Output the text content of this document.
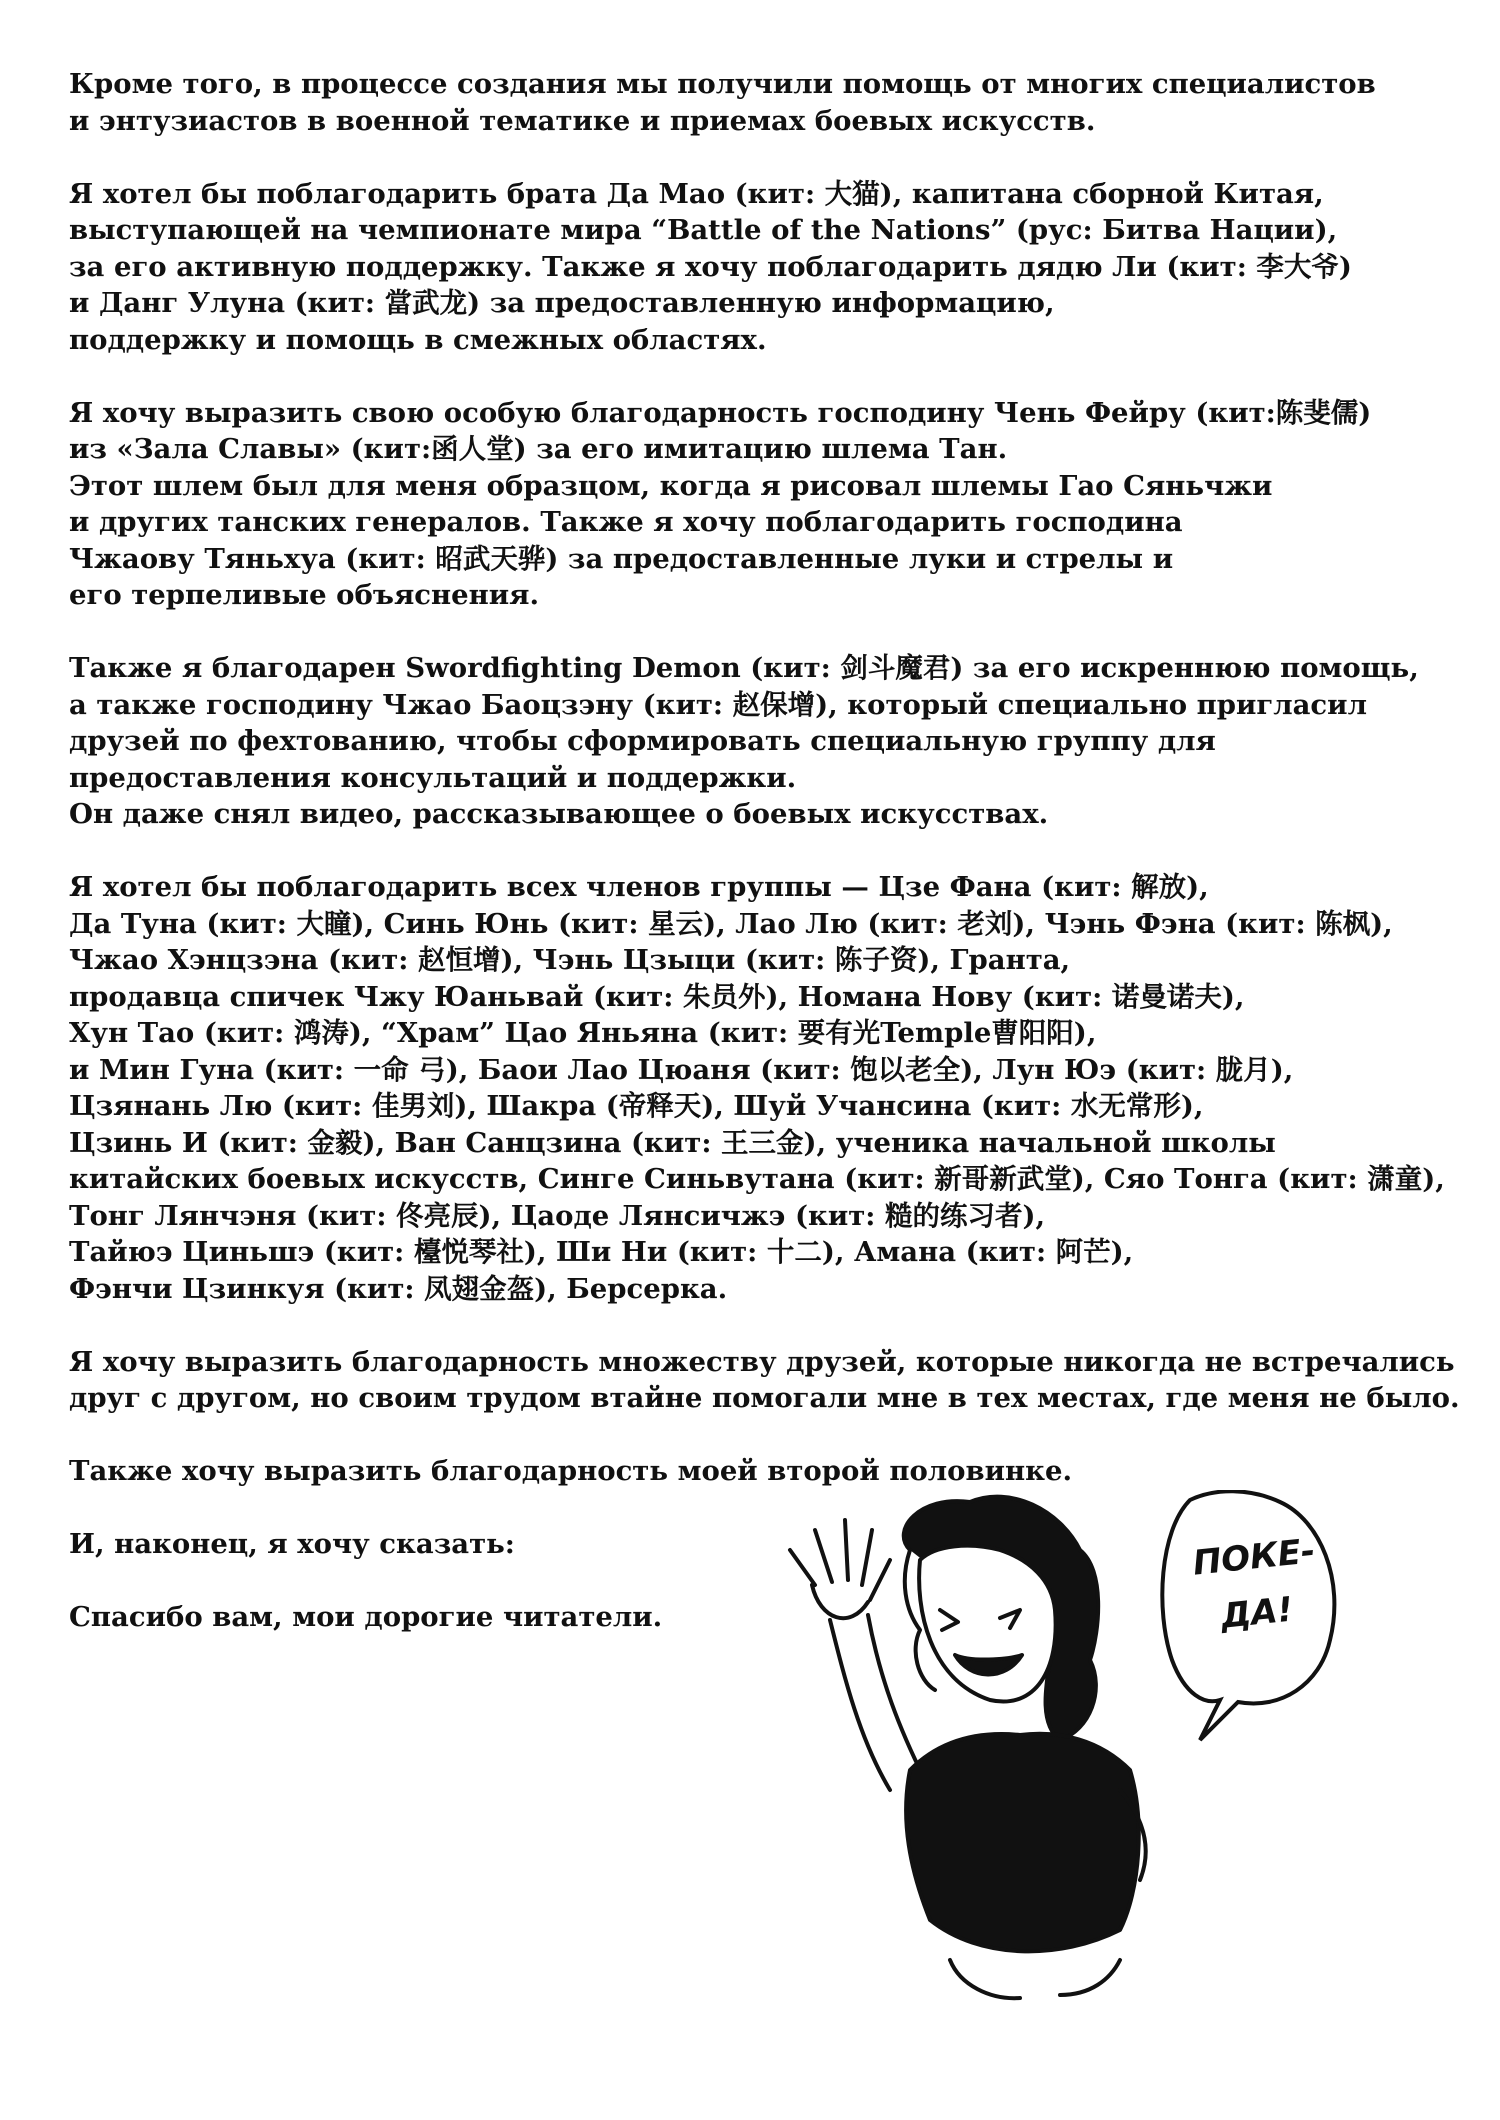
Кроме того, в процессе создания мы получили помощь от многих специалистов
и энтузиастов в военной тематике и приемах боевых искусств.

Я хотел бы поблагодарить брата Да Мао (кит: 大猫), капитана сборной Китая,
выступающей на чемпионате мира “Battle of the Nations” (рус: Битва Нации),
за его активную поддержку. Также я хочу поблагодарить дядю Ли (кит: 李大爷)
и Данг Улуна (кит: 當武龙) за предоставленную информацию,
поддержку и помощь в смежных областях.

Я хочу выразить свою особую благодарность господину Чень Фейру (кит:陈斐儒)
из «Зала Славы» (кит:函人堂) за его имитацию шлема Тан.
Этот шлем был для меня образцом, когда я рисовал шлемы Гао Сяньчжи
и других танских генералов. Также я хочу поблагодарить господина
Чжаову Тяньхуа (кит: 昭武天骅) за предоставленные луки и стрелы и
его терпеливые объяснения.

Также я благодарен Swordfighting Demon (кит: 剑斗魔君) за его искреннюю помощь,
а также господину Чжао Баоцзэну (кит: 赵保增), который специально пригласил
друзей по фехтованию, чтобы сформировать специальную группу для
предоставления консультаций и поддержки.
Он даже снял видео, рассказывающее о боевых искусствах.

Я хотел бы поблагодарить всех членов группы — Цзе Фана (кит: 解放),
Да Туна (кит: 大瞳), Синь Юнь (кит: 星云), Лао Лю (кит: 老刘), Чэнь Фэна (кит: 陈枫),
Чжао Хэнцзэна (кит: 赵恒增), Чэнь Цзыци (кит: 陈子资), Гранта,
продавца спичек Чжу Юаньвай (кит: 朱员外), Номана Нову (кит: 诺曼诺夫),
Хун Тао (кит: 鸿涛), “Храм” Цао Яньяна (кит: 要有光Temple曹阳阳),
и Мин Гуна (кит: 一命 弓), Баои Лао Цюаня (кит: 饱以老全), Лун Юэ (кит: 胧月),
Цзянань Лю (кит: 佳男刘), Шакра (帝释天), Шуй Учансина (кит: 水无常形),
Цзинь И (кит: 金毅), Ван Санцзина (кит: 王三金), ученика начальной школы
китайских боевых искусств, Синге Синьвутана (кит: 新哥新武堂), Сяо Тонга (кит: 潇童),
Тонг Лянчэня (кит: 佟亮辰), Цаоде Лянсичжэ (кит: 糙的练习者),
Тайюэ Циньшэ (кит: 檯悦琴社), Ши Ни (кит: 十二), Амана (кит: 阿芒),
Фэнчи Цзинкуя (кит: 凤翅金盔), Берсерка.

Я хочу выразить благодарность множеству друзей, которые никогда не встречались
друг с другом, но своим трудом втайне помогали мне в тех местах, где меня не было.

Также хочу выразить благодарность моей второй половинке.

И, наконец, я хочу сказать:

Спасибо вам, мои дорогие читатели.

ПОКЕ-
ДА!
